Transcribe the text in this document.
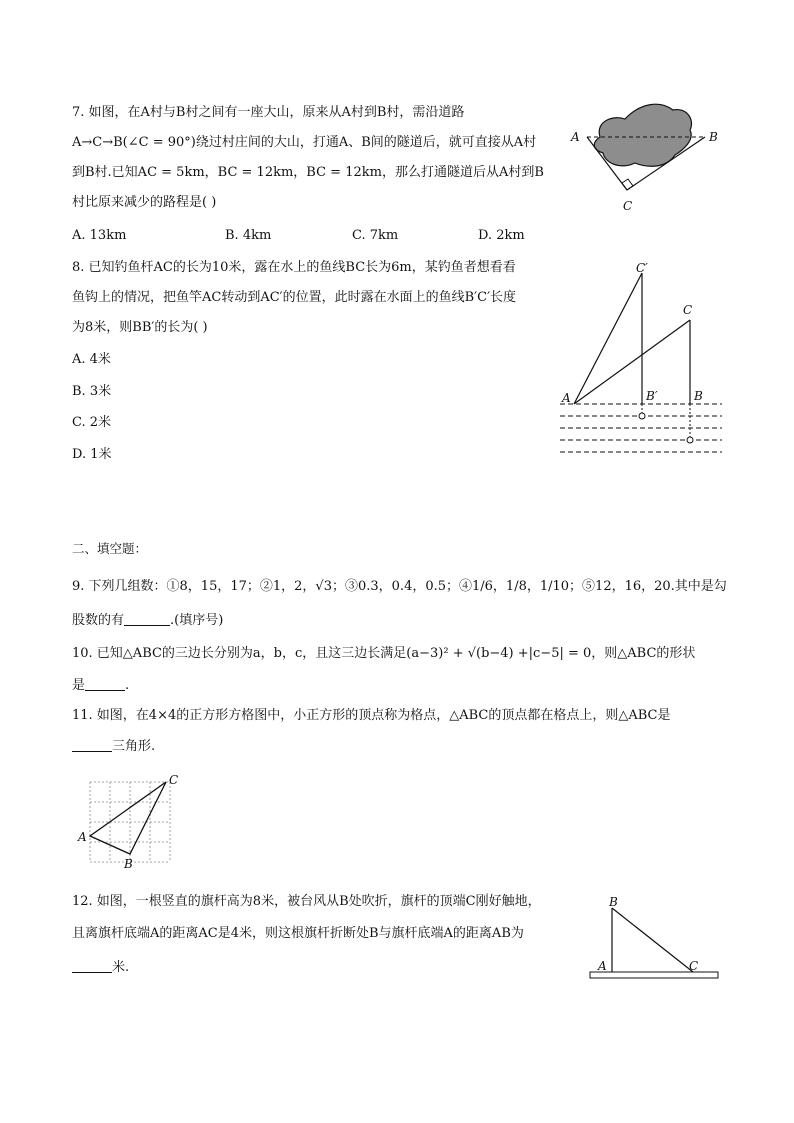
7. 如图，在A村与B村之间有一座大山，原来从A村到B村，需沿道路
A→C→B(∠C = 90°)绕过村庄间的大山，打通A、B间的隧道后，就可直接从A村
到B村.已知AC = 5km，BC = 12km，BC = 12km，那么打通隧道后从A村到B
村比原来减少的路程是( )
A. 13km	B. 4km	C. 7km	D. 2km
A	B
C
8. 已知钓鱼杆AC的长为10米，露在水上的鱼线BC长为6m，某钓鱼者想看看
鱼钩上的情况，把鱼竿AC转动到AC′的位置，此时露在水面上的鱼线B′C′长度
为8米，则BB′的长为( )
A. 4米
B. 3米
C. 2米
D. 1米
C′
C
A	B′	B
二、填空题：
9. 下列几组数：①8，15，17；②1，2，√3；③0.3，0.4，0.5；④1/6，1/8，1/10；⑤12，16，20.其中是勾
股数的有	.(填序号)
10. 已知△ABC的三边长分别为a，b，c，且这三边长满足(a−3)² + √(b−4) +|c−5| = 0，则△ABC的形状
是	.
11. 如图，在4×4的正方形方格图中，小正方形的顶点称为格点，△ABC的顶点都在格点上，则△ABC是
三角形.
A
B
C
12. 如图，一根竖直的旗杆高为8米，被台风从B处吹折，旗杆的顶端C刚好触地，
且离旗杆底端A的距离AC是4米，则这根旗杆折断处B与旗杆底端A的距离AB为
米.
B
A	C
